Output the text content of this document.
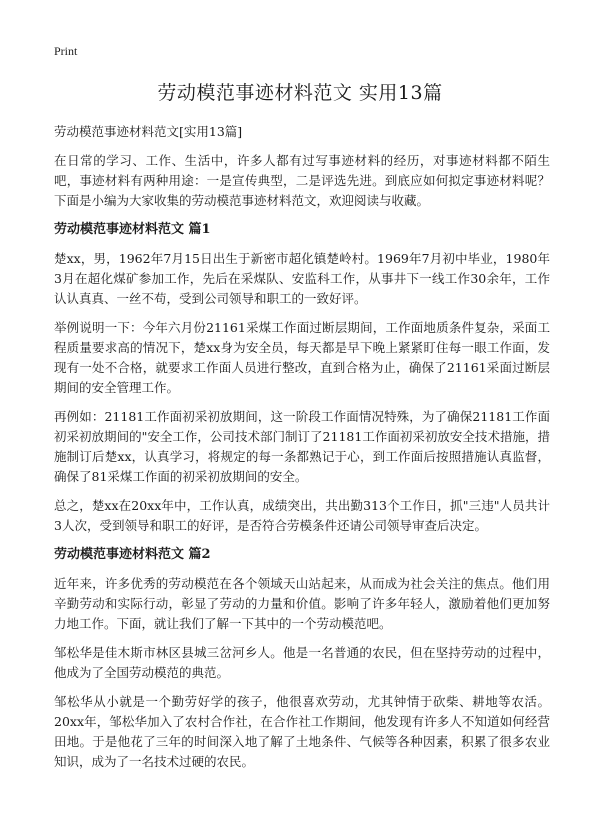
Print
劳动模范事迹材料范文 实用13篇

劳动模范事迹材料范文[实用13篇]

在日常的学习、工作、生活中，许多人都有过写事迹材料的经历，对事迹材料都不陌生吧，事迹材料有两种用途：一是宣传典型，二是评选先进。到底应如何拟定事迹材料呢？下面是小编为大家收集的劳动模范事迹材料范文，欢迎阅读与收藏。

劳动模范事迹材料范文 篇1

楚xx，男，1962年7月15日出生于新密市超化镇楚岭村。1969年7月初中毕业，1980年3月在超化煤矿参加工作，先后在采煤队、安监科工作，从事井下一线工作30余年，工作认认真真、一丝不苟，受到公司领导和职工的一致好评。

举例说明一下：今年六月份21161采煤工作面过断层期间，工作面地质条件复杂，采面工程质量要求高的情况下，楚xx身为安全员，每天都是早下晚上紧紧盯住每一眼工作面，发现有一处不合格，就要求工作面人员进行整改，直到合格为止，确保了21161采面过断层期间的安全管理工作。

再例如：21181工作面初采初放期间，这一阶段工作面情况特殊，为了确保21181工作面初采初放期间的"安全工作，公司技术部门制订了21181工作面初采初放安全技术措施，措施制订后楚xx，认真学习，将规定的每一条都熟记于心，到工作面后按照措施认真监督，确保了81采煤工作面的初采初放期间的安全。

总之，楚xx在20xx年中，工作认真，成绩突出，共出勤313个工作日，抓"三违"人员共计3人次，受到领导和职工的好评，是否符合劳模条件还请公司领导审查后决定。

劳动模范事迹材料范文 篇2

近年来，许多优秀的劳动模范在各个领域天山站起来，从而成为社会关注的焦点。他们用辛勤劳动和实际行动，彰显了劳动的力量和价值。影响了许多年轻人，激励着他们更加努力地工作。下面，就让我们了解一下其中的一个劳动模范吧。

邹松华是佳木斯市林区县城三岔河乡人。他是一名普通的农民，但在坚持劳动的过程中，他成为了全国劳动模范的典范。

邹松华从小就是一个勤劳好学的孩子，他很喜欢劳动，尤其钟情于砍柴、耕地等农活。20xx年，邹松华加入了农村合作社，在合作社工作期间，他发现有许多人不知道如何经营田地。于是他花了三年的时间深入地了解了土地条件、气候等各种因素，积累了很多农业知识，成为了一名技术过硬的农民。
